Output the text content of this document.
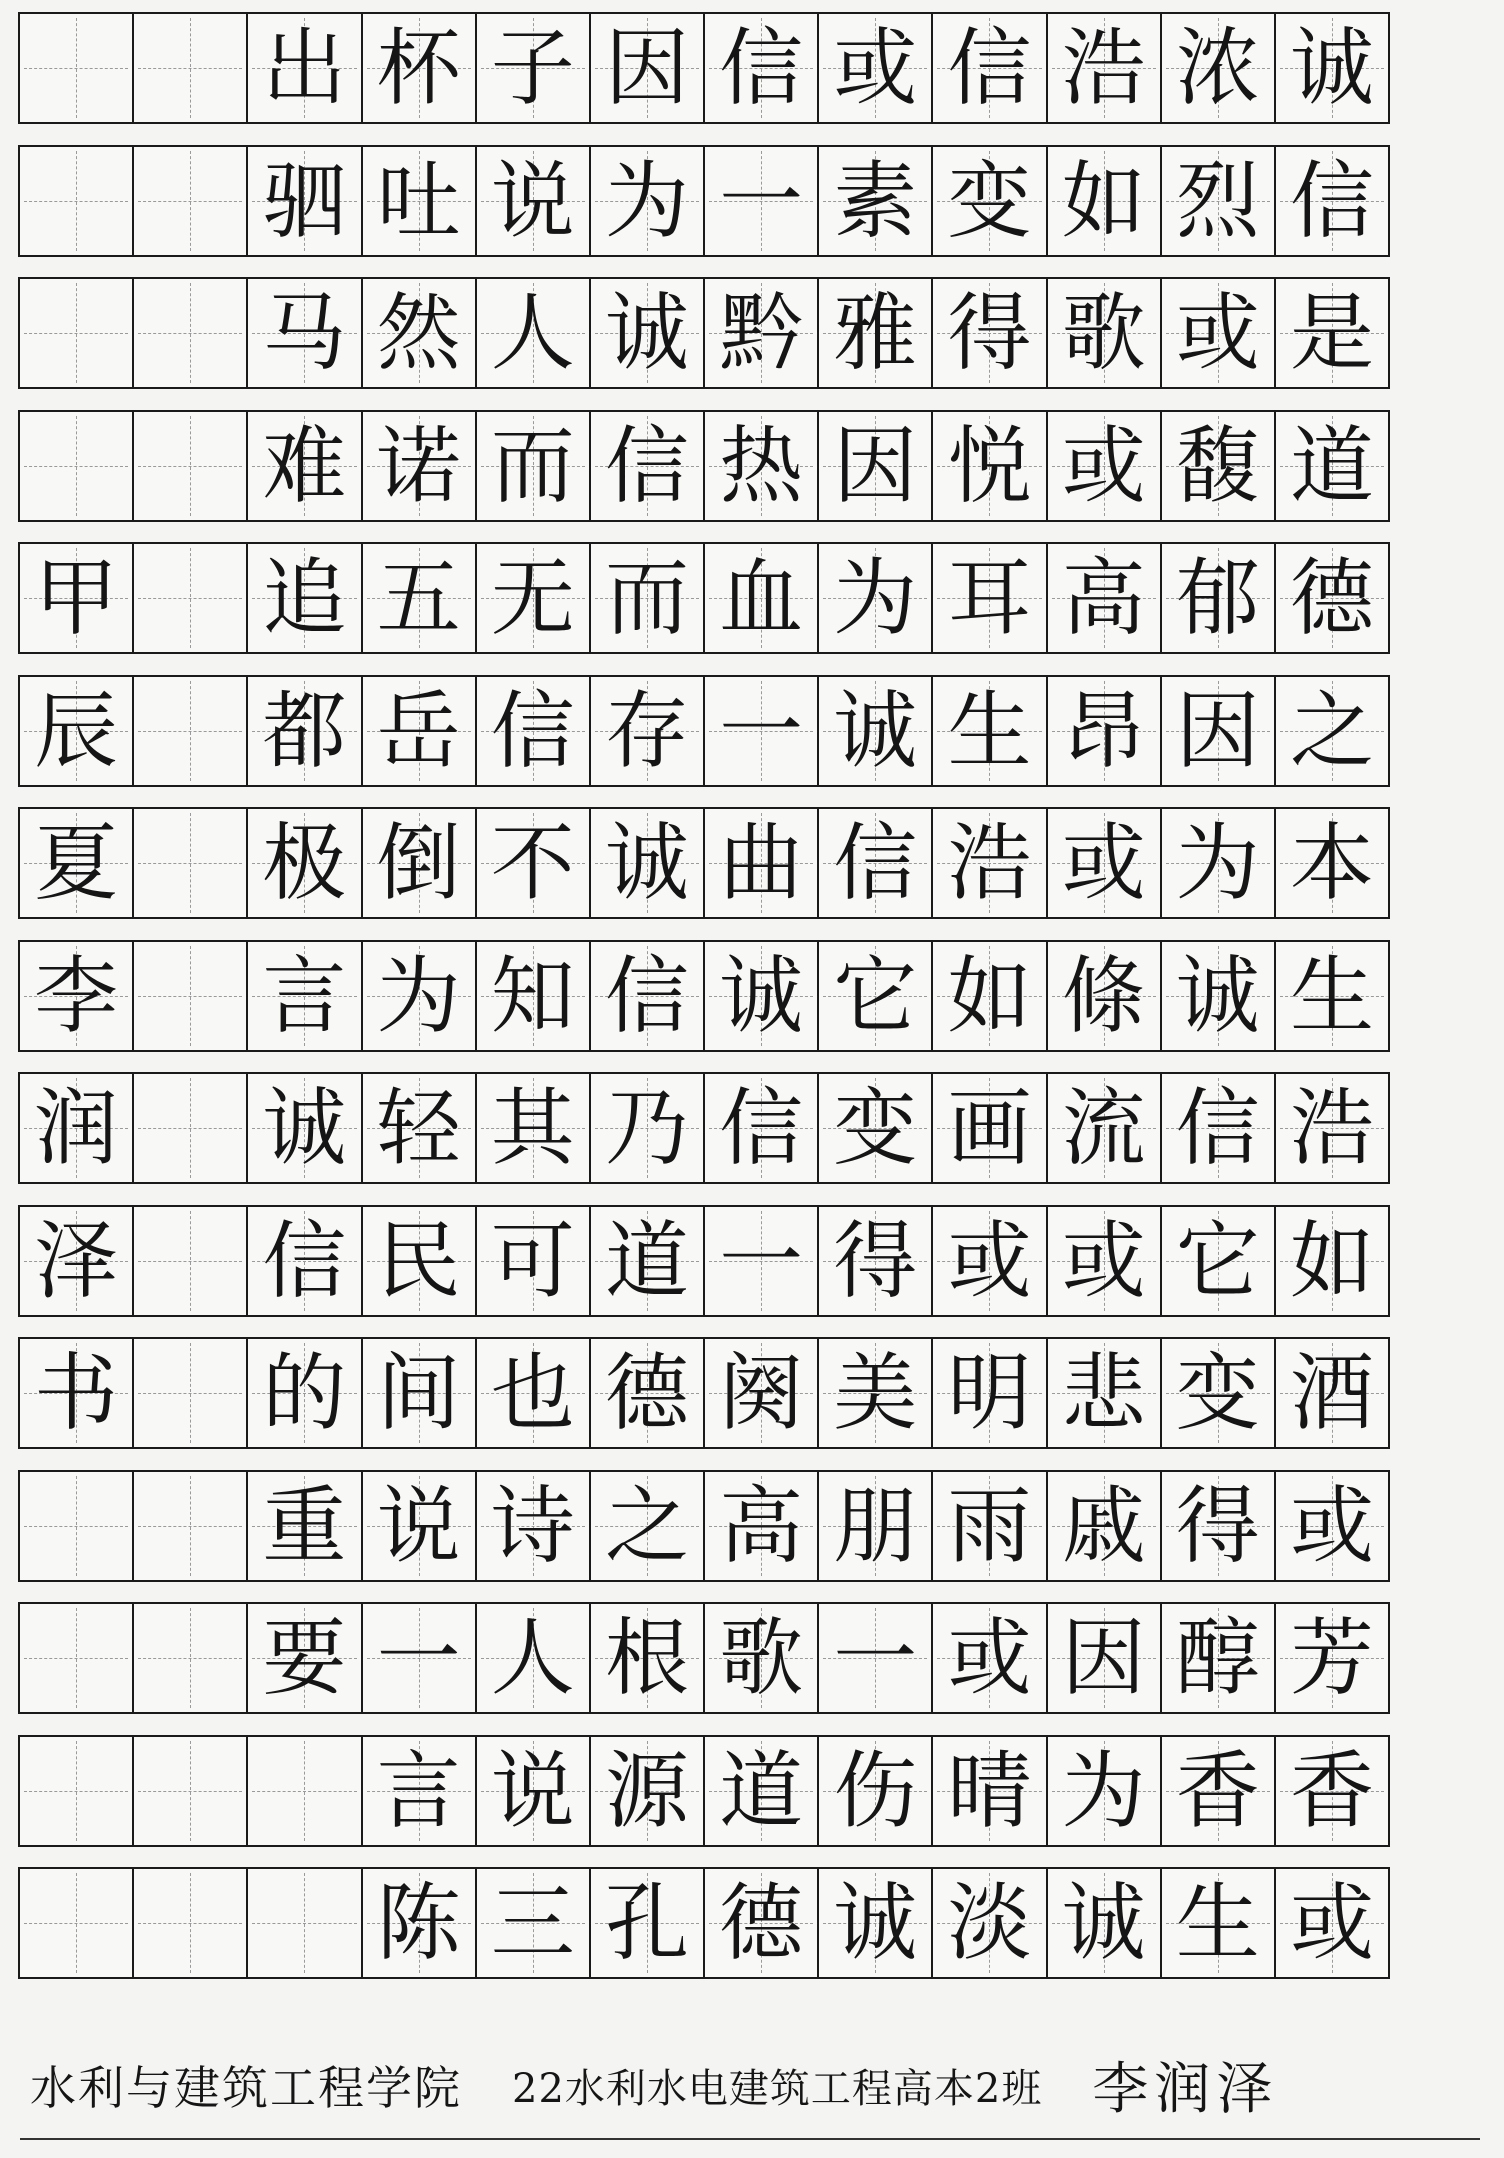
出 杯 子 因 信 或 信 浩 浓 诚
驷 吐 说 为 一 素 变 如 烈 信
马 然 人 诚 黔 雅 得 歌 或 是
难 诺 而 信 热 因 悦 或 馥 道
甲 追 五 无 而 血 为 耳 高 郁 德
辰 都 岳 信 存 一 诚 生 昂 因 之
夏 极 倒 不 诚 曲 信 浩 或 为 本
李 言 为 知 信 诚 它 如 條 诚 生
润 诚 轻 其 乃 信 变 画 流 信 浩
泽 信 民 可 道 一 得 或 或 它 如
书 的 间 也 德 阕 美 明 悲 变 酒
重 说 诗 之 高 朋 雨 戚 得 或
要 一 人 根 歌 一 或 因 醇 芳
言 说 源 道 伤 晴 为 香 香
陈 三 孔 德 诚 淡 诚 生 或
水利与建筑工程学院 22水利水电建筑工程高本2班 李润泽
